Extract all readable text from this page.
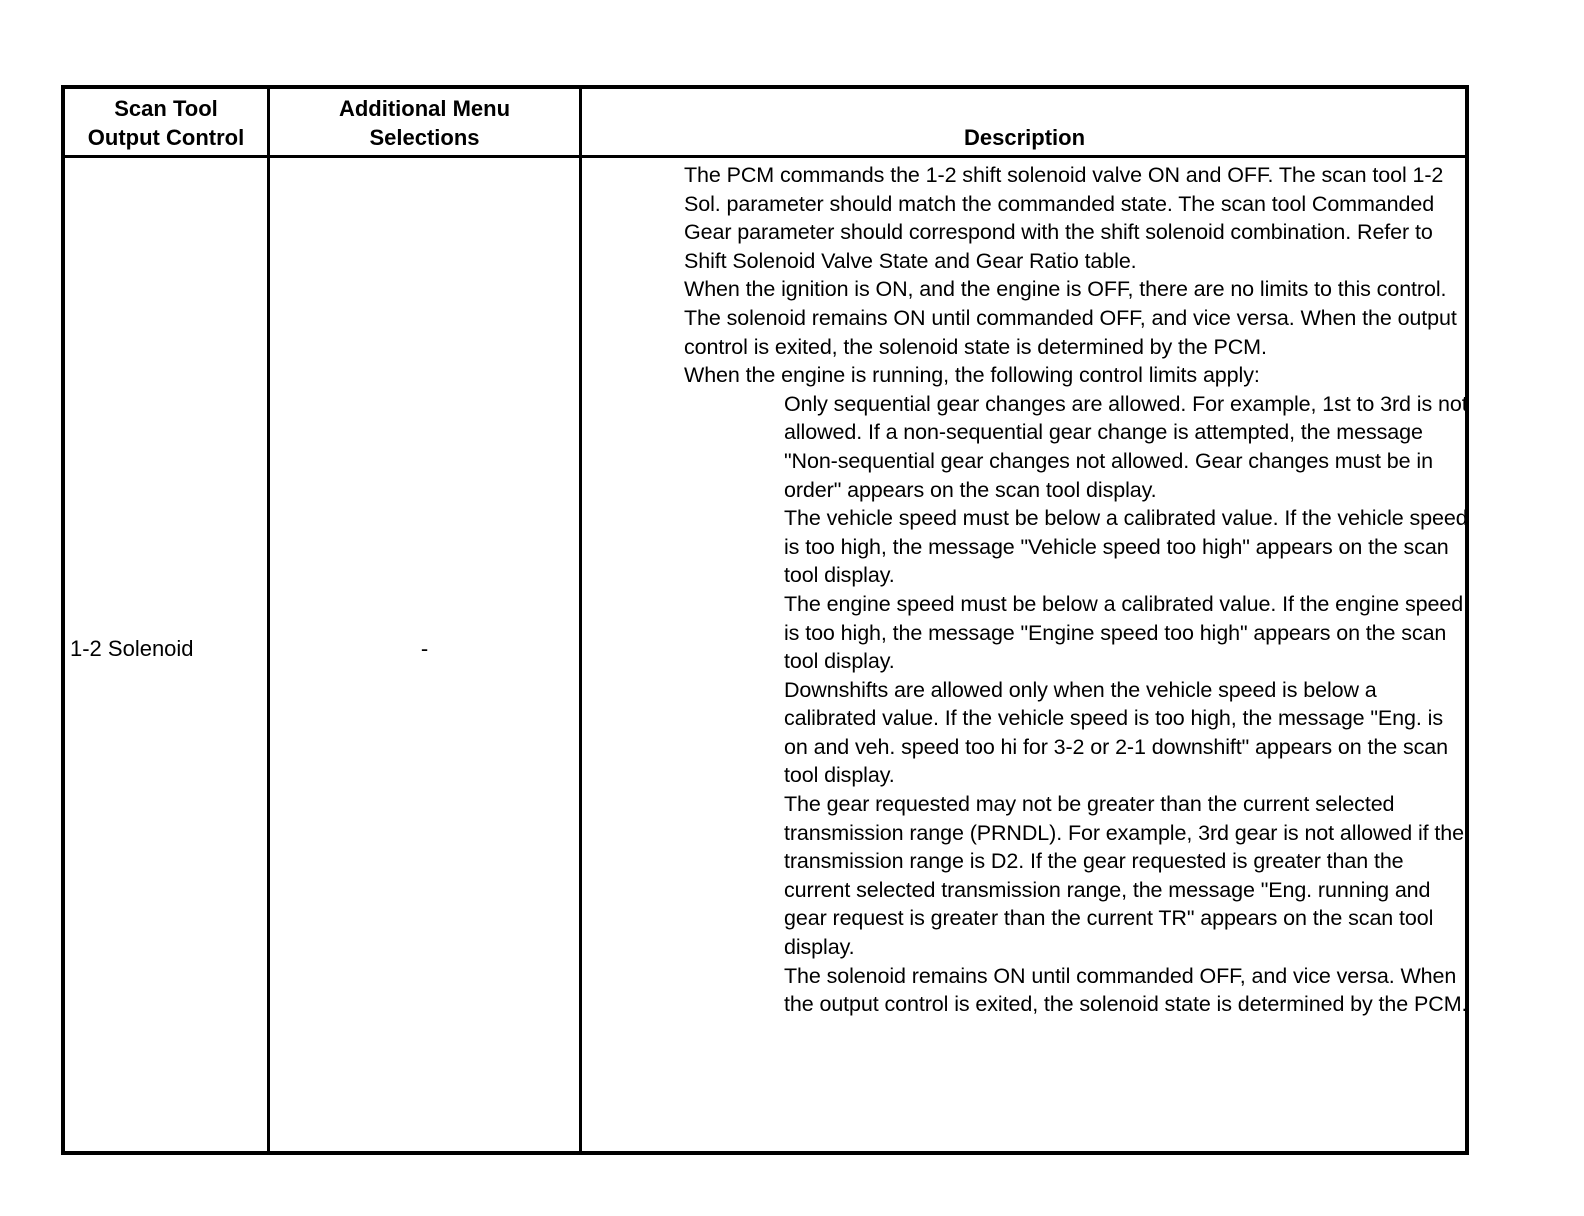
Scan Tool
Output Control
Additional Menu
Selections	Description
1-2 Solenoid	-

The PCM commands the 1-2 shift solenoid valve ON and OFF. The scan tool 1-2 Sol. parameter should match the commanded state. The scan tool Commanded Gear parameter should correspond with the shift solenoid combination. Refer to Shift Solenoid Valve State and Gear Ratio table.

When the ignition is ON, and the engine is OFF, there are no limits to this control. The solenoid remains ON until commanded OFF, and vice versa. When the output control is exited, the solenoid state is determined by the PCM.

When the engine is running, the following control limits apply:

Only sequential gear changes are allowed. For example, 1st to 3rd is not allowed. If a non-sequential gear change is attempted, the message "Non-sequential gear changes not allowed. Gear changes must be in order" appears on the scan tool display.

The vehicle speed must be below a calibrated value. If the vehicle speed is too high, the message "Vehicle speed too high" appears on the scan tool display.

The engine speed must be below a calibrated value. If the engine speed is too high, the message "Engine speed too high" appears on the scan tool display.

Downshifts are allowed only when the vehicle speed is below a calibrated value. If the vehicle speed is too high, the message "Eng. is on and veh. speed too hi for 3-2 or 2-1 downshift" appears on the scan tool display.

The gear requested may not be greater than the current selected transmission range (PRNDL). For example, 3rd gear is not allowed if the transmission range is D2. If the gear requested is greater than the current selected transmission range, the message "Eng. running and gear request is greater than the current TR" appears on the scan tool display.

The solenoid remains ON until commanded OFF, and vice versa. When the output control is exited, the solenoid state is determined by the PCM.
